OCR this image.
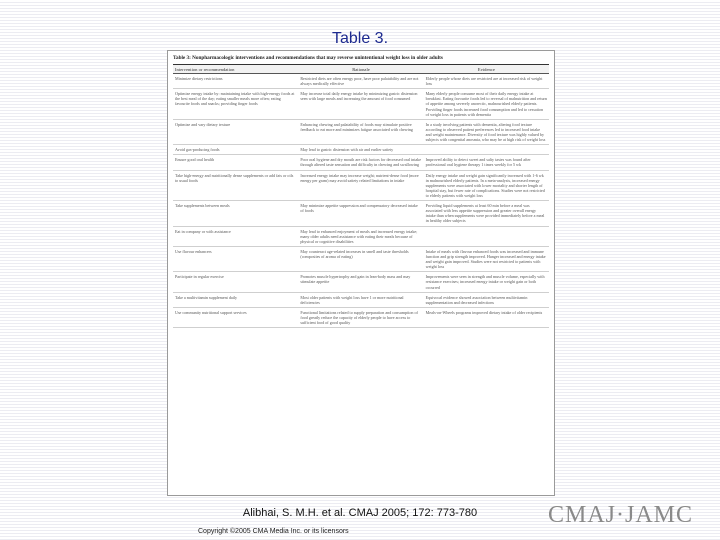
Table 3.
Table 3: Nonpharmacologic interventions and recommendations that may reverse unintentional weight loss in older adults
Intervention or recommendation	Rationale	Evidence
Minimize dietary restrictions	Restricted diets are often energy poor, have poor palatability and are not always medically effective	Elderly people whose diets are restricted are at increased risk of weight loss
Optimize energy intake by: maintaining intake with high-energy foods at the best meal of the day; eating smaller meals more often; eating favourite foods and snacks; providing finger foods	May increase total daily energy intake by minimizing gastric distension seen with large meals and increasing the amount of food consumed	Many elderly people consume most of their daily energy intake at breakfast. Eating favourite foods led to reversal of malnutrition and return of appetite among severely anorectic, malnourished elderly patients. Providing finger foods increased food consumption and led to cessation of weight loss in patients with dementia
Optimize and vary dietary texture	Enhancing chewing and palatability of foods may stimulate positive feedback to eat more and minimizes fatigue associated with chewing	In a study involving patients with dementia, altering food texture according to observed patient preferences led to increased food intake and weight maintenance. Diversity of food texture was highly valued by subjects with congenital anosmia, who may be at high risk of weight loss
Avoid gas-producing foods	May lead to gastric distension with air and earlier satiety	
Ensure good oral health	Poor oral hygiene and dry mouth are risk factors for decreased oral intake through altered taste sensation and difficulty in chewing and swallowing	Improved ability to detect sweet and salty tastes was found after professional oral hygiene therapy 1 times weekly for 5 wk
Take high-energy and nutritionally dense supplements or add fats or oils to usual foods	Increased energy intake may increase weight; nutrient-dense food (more energy per gram) may avoid satiety related limitations in intake	Daily energy intake and weight gain significantly increased with 1-6 wk in malnourished elderly patients. In a meta-analysis, increased energy supplements were associated with lower mortality and shorter length of hospital stay, but fewer rate of complications. Studies were not restricted to elderly patients with weight loss
Take supplements between meals	May minimize appetite suppression and compensatory decreased intake of foods	Providing liquid supplements at least 60 min before a meal was associated with less appetite suppression and greater overall energy intake than when supplements were provided immediately before a meal in healthy older subjects
Eat in company or with assistance	May lead to enhanced enjoyment of meals and increased energy intake; many older adults need assistance with eating their meals because of physical or cognitive disabilities	
Use flavour enhancers	May counteract age-related increases in smell and taste thresholds (composites of aroma of eating)	Intake of meals with flavour enhanced foods was increased and immune function and grip strength improved. Hunger increased and energy intake and weight gain improved. Studies were not restricted to patients with weight loss
Participate in regular exercise	Promotes muscle hypertrophy and gain in lean-body mass and may stimulate appetite	Improvements were seen in strength and muscle volume, especially with resistance exercises; increased energy intake or weight gain or both occurred
Take a multivitamin supplement daily	Most older patients with weight loss have 1 or more nutritional deficiencies	Equivocal evidence showed association between multivitamin supplementation and decreased infections
Use community nutritional support services	Functional limitations related to supply preparation and consumption of food greatly reduce the capacity of elderly people to have access to sufficient food of good quality	Meals-on-Wheels programs improved dietary intake of older recipients
Alibhai, S. M.H. et al. CMAJ 2005; 172: 773-780
Copyright ©2005 CMA Media Inc. or its licensors
CMAJ·JAMC
